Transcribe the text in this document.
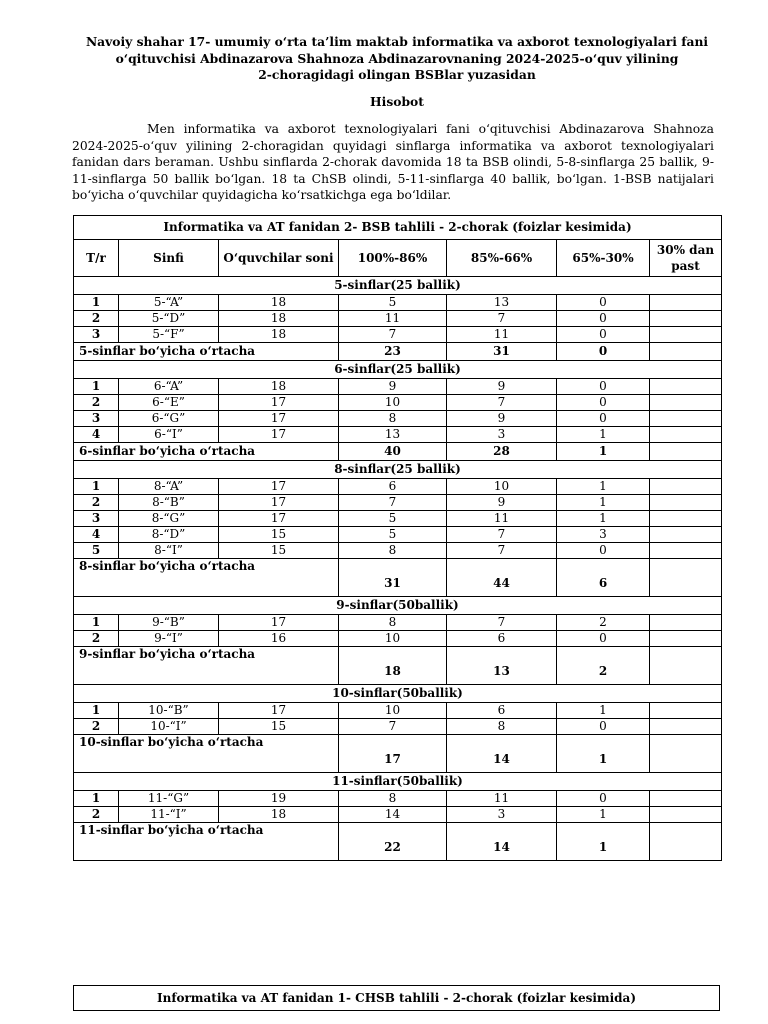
Navoiy shahar 17- umumiy o‘rta ta’lim maktab informatika va axborot texnologiyalari fani
o‘qituvchisi Abdinazarova Shahnoza Abdinazarovnaning 2024-2025-o‘quv yilining
2-choragidagi olingan BSBlar yuzasidan
Hisobot
Men informatika va axborot texnologiyalari fani o‘qituvchisi Abdinazarova Shahnoza 2024-2025-o‘quv yilining 2-choragidan quyidagi sinflarga informatika va axborot texnologiyalari fanidan dars beraman. Ushbu sinflarda 2-chorak davomida 18 ta BSB olindi, 5-8-sinflarga 25 ballik, 9-11-sinflarga 50 ballik bo‘lgan. 18 ta ChSB olindi, 5-11-sinflarga 40 ballik, bo‘lgan. 1-BSB natijalari bo‘yicha o‘quvchilar quyidagicha ko‘rsatkichga ega bo‘ldilar.
Informatika va AT fanidan 2- BSB tahlili - 2-chorak (foizlar kesimida)						
T/r	Sinfi	O‘quvchilar soni	100%-86%	85%-66%	65%-30%	30% dan past
5-sinflar(25 ballik)						
1	5-“A”	18	5	13	0	
2	5-“D”	18	11	7	0	
3	5-“F”	18	7	11	0	
5-sinflar bo‘yicha o‘rtacha			23	31	0	
6-sinflar(25 ballik)						
1	6-“A”	18	9	9	0	
2	6-“E”	17	10	7	0	
3	6-“G”	17	8	9	0	
4	6-“I”	17	13	3	1	
6-sinflar bo‘yicha o‘rtacha			40	28	1	
8-sinflar(25 ballik)						
1	8-“A”	17	6	10	1	
2	8-“B”	17	7	9	1	
3	8-“G”	17	5	11	1	
4	8-“D”	15	5	7	3	
5	8-“I”	15	8	7	0	
8-sinflar bo‘yicha o‘rtacha			31	44	6	
9-sinflar(50ballik)						
1	9-“B”	17	8	7	2	
2	9-“I”	16	10	6	0	
9-sinflar bo‘yicha o‘rtacha			18	13	2	
10-sinflar(50ballik)						
1	10-“B”	17	10	6	1	
2	10-“I”	15	7	8	0	
10-sinflar bo‘yicha o‘rtacha			17	14	1	
11-sinflar(50ballik)						
1	11-“G”	19	8	11	0	
2	11-“I”	18	14	3	1	
11-sinflar bo‘yicha o‘rtacha			22	14	1	
Informatika va AT fanidan 1- CHSB tahlili - 2-chorak (foizlar kesimida)
